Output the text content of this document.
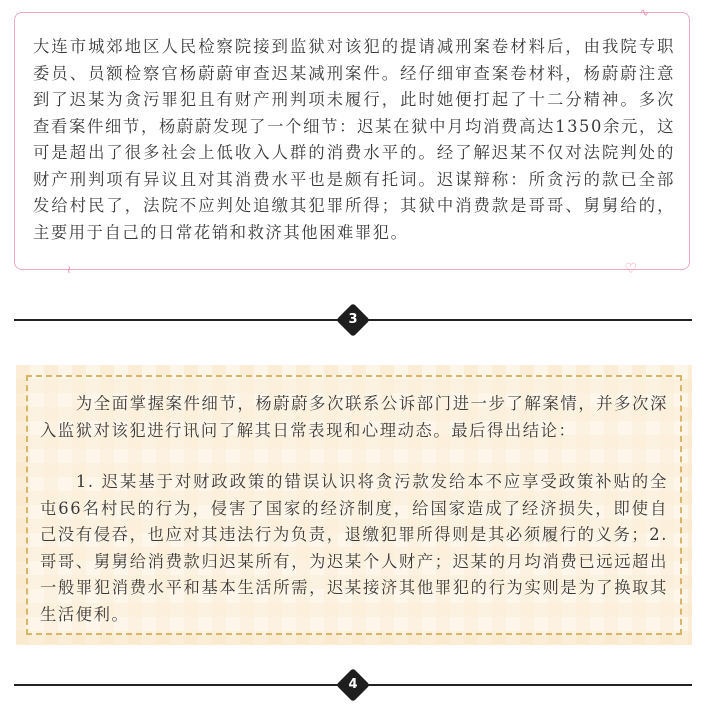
∿

大连市城郊地区人民检察院接到监狱对该犯的提请减刑案卷材料后，由我院专职委员、员额检察官杨蔚蔚审查迟某减刑案件。经仔细审查案卷材料，杨蔚蔚注意到了迟某为贪污罪犯且有财产刑判项未履行，此时她便打起了十二分精神。多次查看案件细节，杨蔚蔚发现了一个细节：迟某在狱中月均消费高达1350余元，这可是超出了很多社会上低收入人群的消费水平的。经了解迟某不仅对法院判处的财产刑判项有异议且对其消费水平也是颇有托词。迟谋辩称：所贪污的款已全部发给村民了，法院不应判处追缴其犯罪所得；其狱中消费款是哥哥、舅舅给的，主要用于自己的日常花销和救济其他困难罪犯。

≀	♡
3

为全面掌握案件细节，杨蔚蔚多次联系公诉部门进一步了解案情，并多次深入监狱对该犯进行讯问了解其日常表现和心理动态。最后得出结论：

1. 迟某基于对财政政策的错误认识将贪污款发给本不应享受政策补贴的全屯66名村民的行为，侵害了国家的经济制度，给国家造成了经济损失，即使自己没有侵吞，也应对其违法行为负责，退缴犯罪所得则是其必须履行的义务；2.哥哥、舅舅给消费款归迟某所有，为迟某个人财产；迟某的月均消费已远远超出一般罪犯消费水平和基本生活所需，迟某接济其他罪犯的行为实则是为了换取其生活便利。

4
